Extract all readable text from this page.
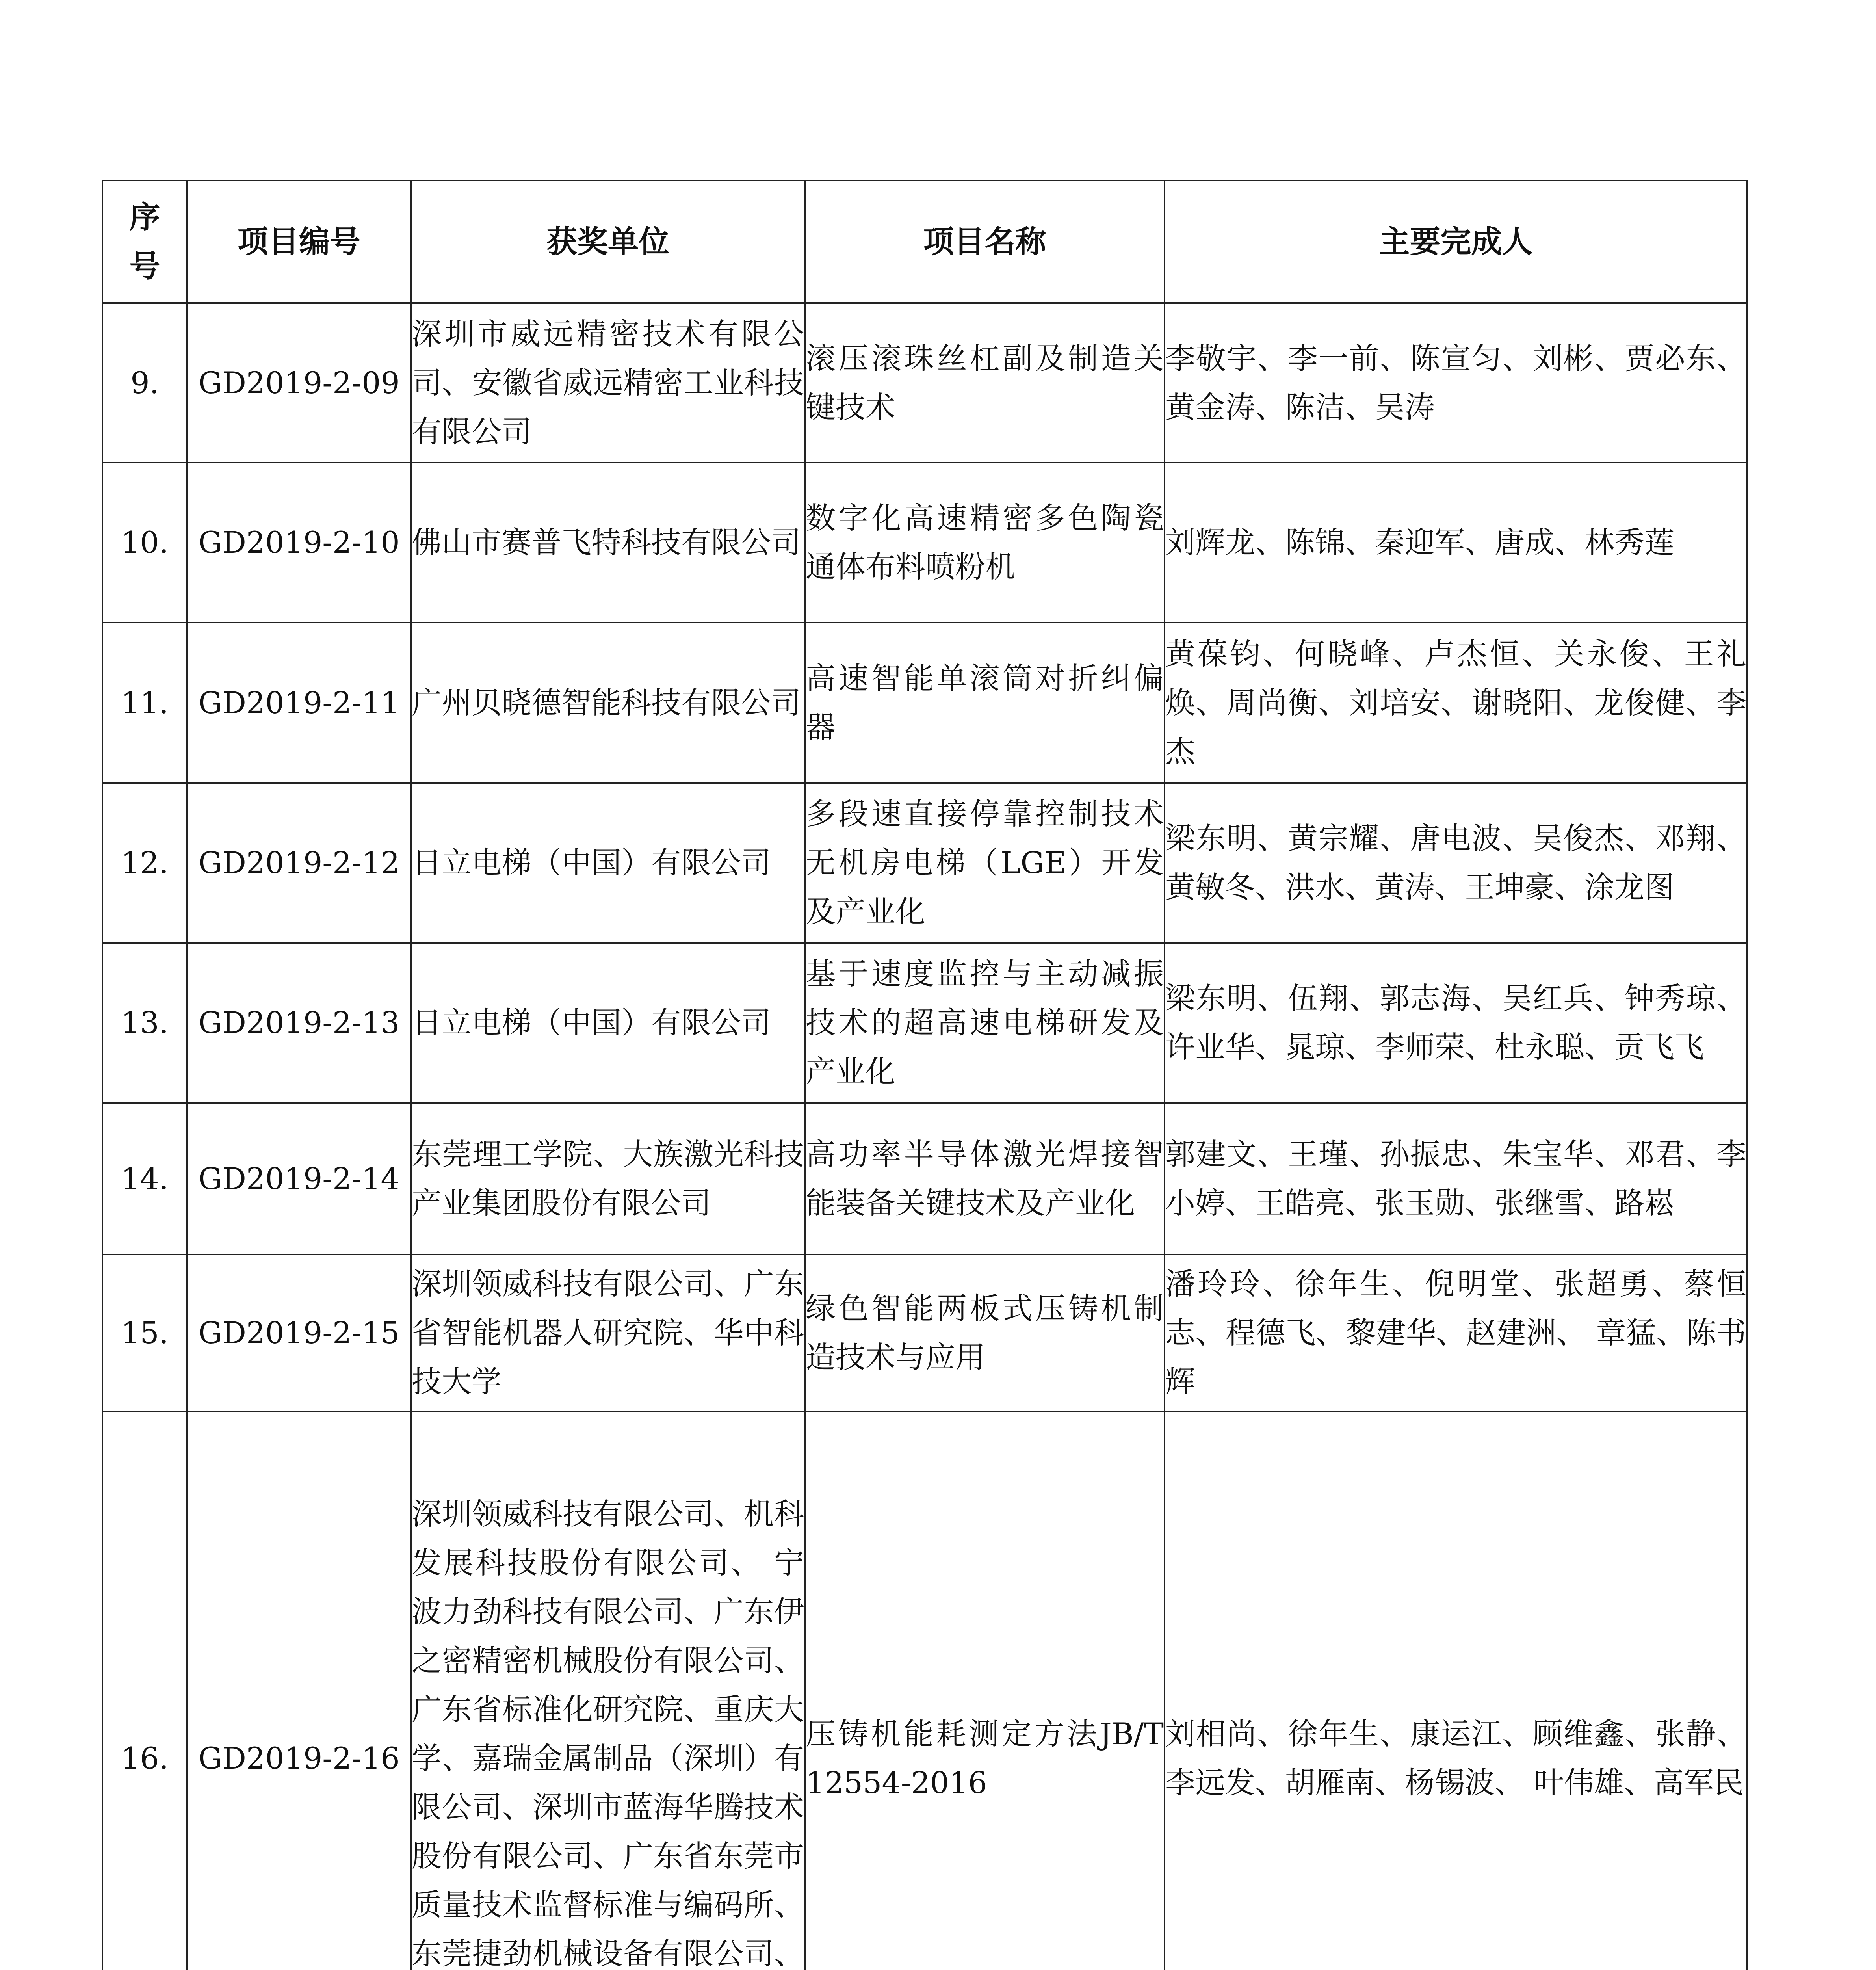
序号	项目编号	获奖单位	项目名称	主要完成人
9.	GD2019-2-09	深圳市威远精密技术有限公司、安徽省威远精密工业科技有限公司	滚压滚珠丝杠副及制造关键技术	李敬宇、李一前、陈宣匀、刘彬、贾必东、黄金涛、陈洁、吴涛
10.	GD2019-2-10	佛山市赛普飞特科技有限公司	数字化高速精密多色陶瓷通体布料喷粉机	刘辉龙、陈锦、秦迎军、唐成、林秀莲
11.	GD2019-2-11	广州贝晓德智能科技有限公司	高速智能单滚筒对折纠偏器	黄葆钧、何晓峰、卢杰恒、关永俊、王礼焕、周尚衡、刘培安、谢晓阳、龙俊健、李杰
12.	GD2019-2-12	日立电梯（中国）有限公司	多段速直接停靠控制技术无机房电梯（LGE）开发及产业化	梁东明、黄宗耀、唐电波、吴俊杰、邓翔、黄敏冬、洪水、黄涛、王坤豪、涂龙图
13.	GD2019-2-13	日立电梯（中国）有限公司	基于速度监控与主动减振技术的超高速电梯研发及产业化	梁东明、伍翔、郭志海、吴红兵、钟秀琼、许业华、晁琼、李师荣、杜永聪、贡飞飞
14.	GD2019-2-14	东莞理工学院、大族激光科技产业集团股份有限公司	高功率半导体激光焊接智能装备关键技术及产业化	郭建文、王瑾、孙振忠、朱宝华、邓君、李小婷、王皓亮、张玉勋、张继雪、路崧
15.	GD2019-2-15	深圳领威科技有限公司、广东省智能机器人研究院、华中科技大学	绿色智能两板式压铸机制造技术与应用	潘玲玲、徐年生、倪明堂、张超勇、蔡恒志、程德飞、黎建华、赵建洲、 章猛、陈书辉
16.	GD2019-2-16	深圳领威科技有限公司、机科发展科技股份有限公司、 宁波力劲科技有限公司、广东伊之密精密机械股份有限公司、广东省标准化研究院、重庆大学、嘉瑞金属制品（深圳）有限公司、深圳市蓝海华腾技术股份有限公司、广东省东莞市质量技术监督标准与编码所、东莞捷劲机械设备有限公司、	压铸机能耗测定方法JB/T 12554-2016	刘相尚、徐年生、康运江、顾维鑫、张静、李远发、胡雁南、杨锡波、 叶伟雄、高军民
